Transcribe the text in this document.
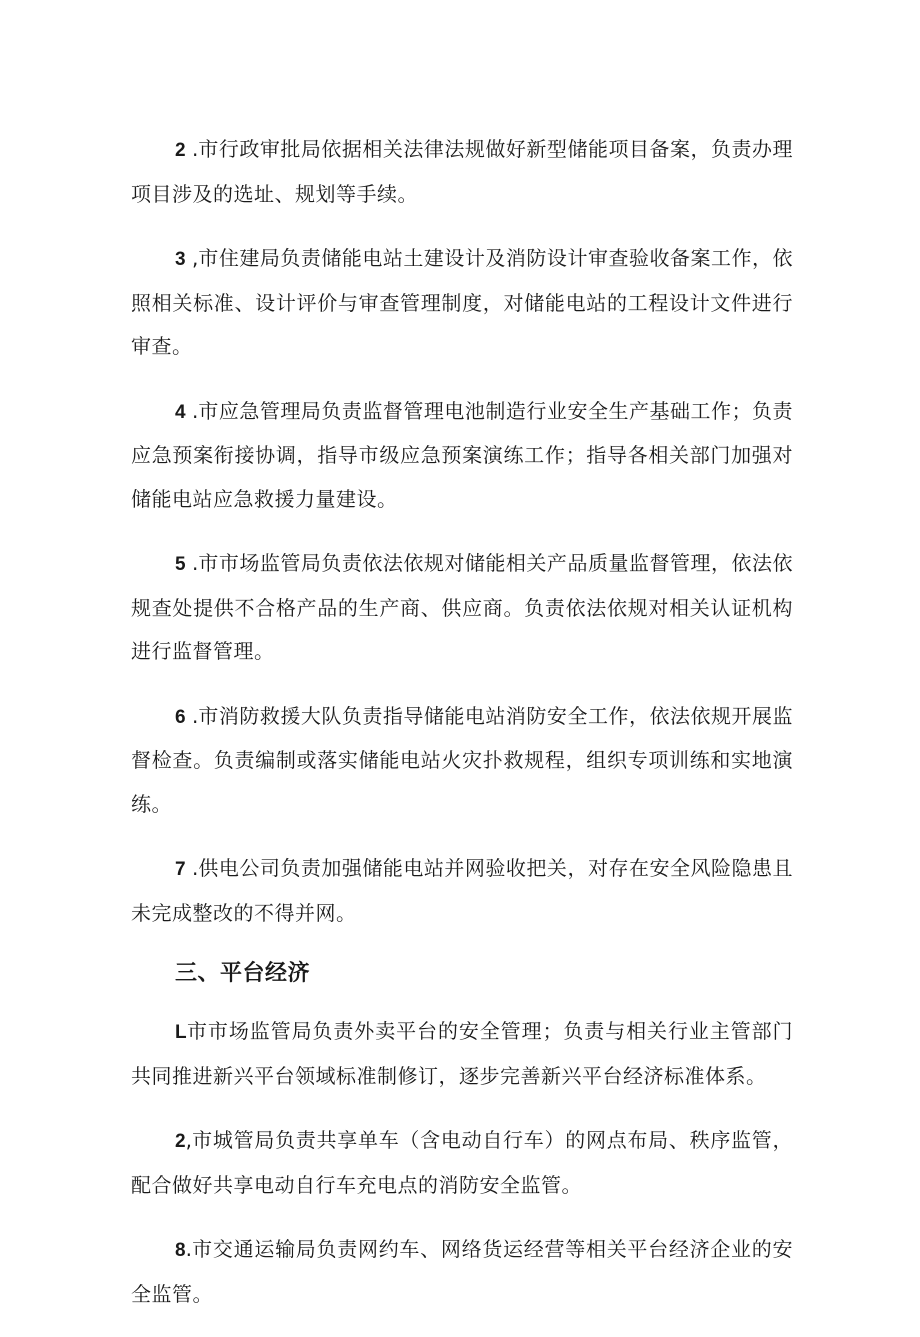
2 .市行政审批局依据相关法律法规做好新型储能项目备案，负责办理项目涉及的选址、规划等手续。

3 ,市住建局负责储能电站土建设计及消防设计审查验收备案工作，依照相关标准、设计评价与审查管理制度，对储能电站的工程设计文件进行审查。

4 .市应急管理局负责监督管理电池制造行业安全生产基础工作；负责应急预案衔接协调，指导市级应急预案演练工作；指导各相关部门加强对储能电站应急救援力量建设。

5 .市市场监管局负责依法依规对储能相关产品质量监督管理，依法依规查处提供不合格产品的生产商、供应商。负责依法依规对相关认证机构进行监督管理。

6 .市消防救援大队负责指导储能电站消防安全工作，依法依规开展监督检查。负责编制或落实储能电站火灾扑救规程，组织专项训练和实地演练。

7 .供电公司负责加强储能电站并网验收把关，对存在安全风险隐患且未完成整改的不得并网。

三、平台经济

L市市场监管局负责外卖平台的安全管理；负责与相关行业主管部门共同推进新兴平台领域标准制修订，逐步完善新兴平台经济标准体系。

2,市城管局负责共享单车（含电动自行车）的网点布局、秩序监管，配合做好共享电动自行车充电点的消防安全监管。

8.市交通运输局负责网约车、网络货运经营等相关平台经济企业的安全监管。
